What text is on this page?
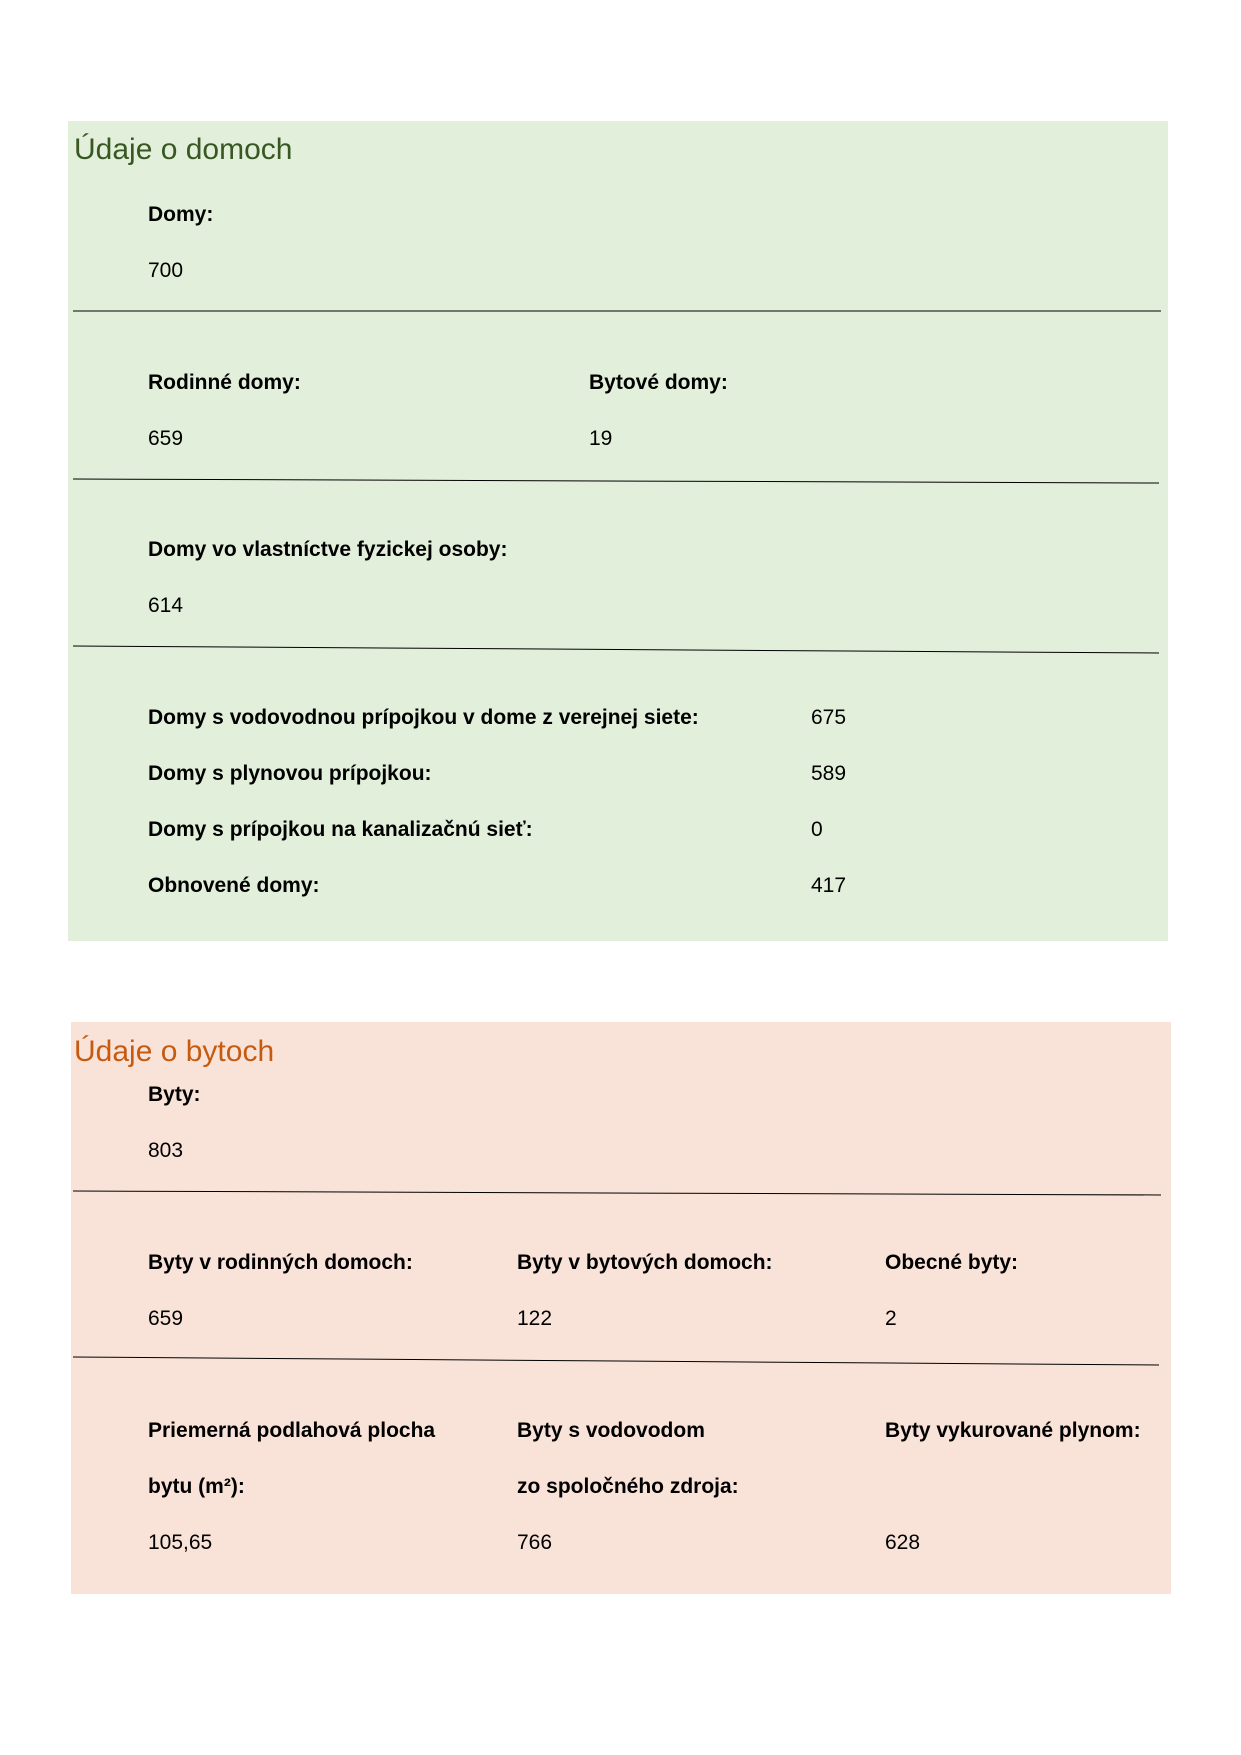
Údaje o domoch
Domy:
700
Rodinné domy:
659
Bytové domy:
19
Domy vo vlastníctve fyzickej osoby:
614
Domy s vodovodnou prípojkou v dome z verejnej siete:	675
Domy s plynovou prípojkou:	589
Domy s prípojkou na kanalizačnú sieť:	0
Obnovené domy:	417
Údaje o bytoch
Byty:
803
Byty v rodinných domoch:
659
Byty v bytových domoch:
122
Obecné byty:
2
Priemerná podlahová plocha
bytu (m²):
105,65
Byty s vodovodom
zo spoločného zdroja:
766
Byty vykurované plynom:
628
